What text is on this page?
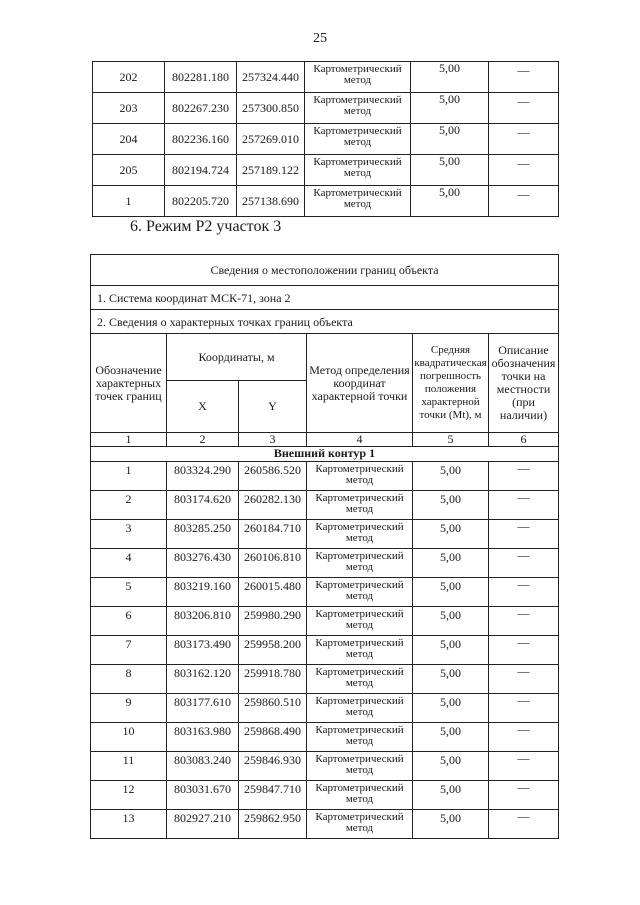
25
202	802281.180	257324.440	Картометрический метод	5,00	—
203	802267.230	257300.850	Картометрический метод	5,00	—
204	802236.160	257269.010	Картометрический метод	5,00	—
205	802194.724	257189.122	Картометрический метод	5,00	—
1	802205.720	257138.690	Картометрический метод	5,00	—
6. Режим Р2 участок 3
Сведения о местоположении границ объекта					
1. Система координат МСК-71, зона 2					
2. Сведения о характерных точках границ объекта					
Обозначение характерных точек границ	Координаты, м		Метод определения координат характерной точки	Средняя квадратическая погрешность положения характерной точки (Mt), м	Описание обозначения точки на местности (при наличии)
	X	Y			
1	2	3	4	5	6
Внешний контур 1					
1	803324.290	260586.520	Картометрический метод	5,00	—
2	803174.620	260282.130	Картометрический метод	5,00	—
3	803285.250	260184.710	Картометрический метод	5,00	—
4	803276.430	260106.810	Картометрический метод	5,00	—
5	803219.160	260015.480	Картометрический метод	5,00	—
6	803206.810	259980.290	Картометрический метод	5,00	—
7	803173.490	259958.200	Картометрический метод	5,00	—
8	803162.120	259918.780	Картометрический метод	5,00	—
9	803177.610	259860.510	Картометрический метод	5,00	—
10	803163.980	259868.490	Картометрический метод	5,00	—
11	803083.240	259846.930	Картометрический метод	5,00	—
12	803031.670	259847.710	Картометрический метод	5,00	—
13	802927.210	259862.950	Картометрический метод	5,00	—
